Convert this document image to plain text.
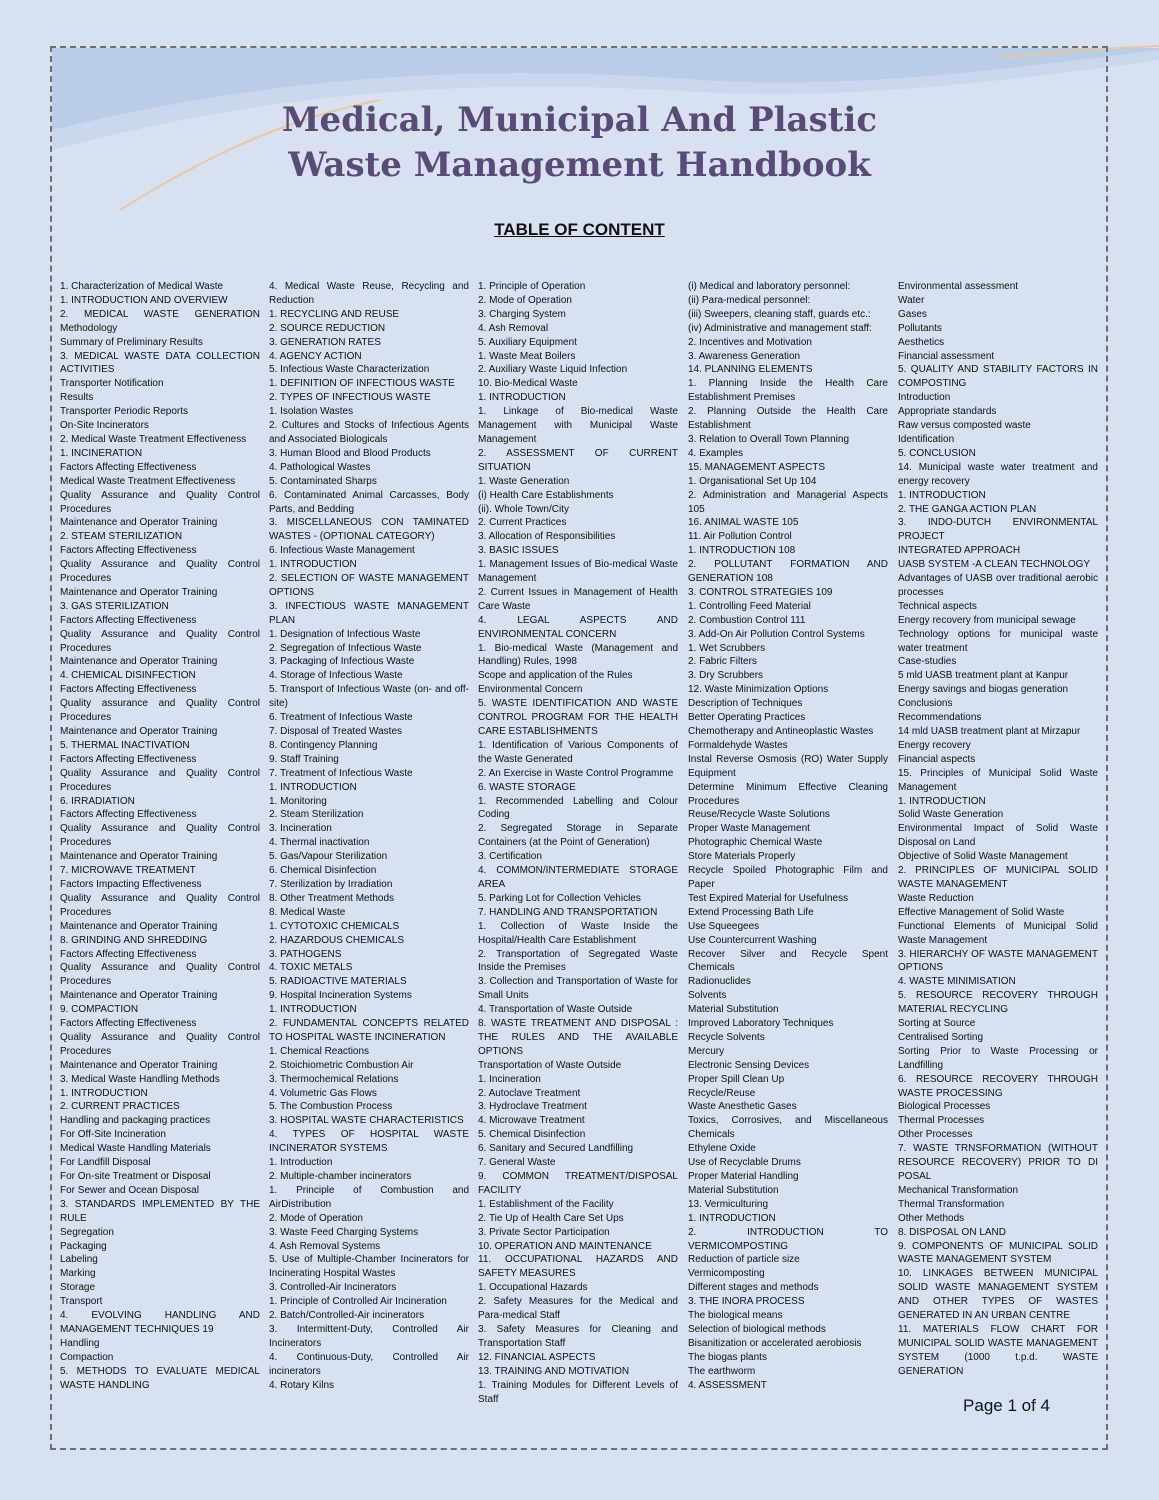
Medical, Municipal And Plastic
Waste Management Handbook
TABLE OF CONTENT
1. Characterization of Medical Waste
1. INTRODUCTION AND OVERVIEW
2. MEDICAL WASTE GENERATION Methodology
Summary of Preliminary Results
3. MEDICAL WASTE DATA COLLECTION ACTIVITIES
Transporter Notification
Results
Transporter Periodic Reports
On-Site Incinerators
2. Medical Waste Treatment Effectiveness
1. INCINERATION
Factors Affecting Effectiveness
Medical Waste Treatment Effectiveness
Quality Assurance and Quality Control Procedures
Maintenance and Operator Training
2. STEAM STERILIZATION
Factors Affecting Effectiveness
Quality Assurance and Quality Control Procedures
Maintenance and Operator Training
3. GAS STERILIZATION
Factors Affecting Effectiveness
Quality Assurance and Quality Control Procedures
Maintenance and Operator Training
4. CHEMICAL DISINFECTION
Factors Affecting Effectiveness
Quality assurance and Quality Control Procedures
Maintenance and Operator Training
5. THERMAL INACTIVATION
Factors Affecting Effectiveness
Quality Assurance and Quality Control Procedures
6. IRRADIATION
Factors Affecting Effectiveness
Quality Assurance and Quality Control Procedures
Maintenance and Operator Training
7. MICROWAVE TREATMENT
Factors Impacting Effectiveness
Quality Assurance and Quality Control Procedures
Maintenance and Operator Training
8. GRINDING AND SHREDDING
Factors Affecting Effectiveness
Quality Assurance and Quality Control Procedures
Maintenance and Operator Training
9. COMPACTION
Factors Affecting Effectiveness
Quality Assurance and Quality Control Procedures
Maintenance and Operator Training
3. Medical Waste Handling Methods
1. INTRODUCTION
2. CURRENT PRACTICES
Handling and packaging practices
For Off-Site Incineration
Medical Waste Handling Materials
For Landfill Disposal
For On-site Treatment or Disposal
For Sewer and Ocean Disposal
3. STANDARDS IMPLEMENTED BY THE RULE
Segregation
Packaging
Labeling
Marking
Storage
Transport
4. EVOLVING HANDLING AND MANAGEMENT TECHNIQUES 19
Handling
Compaction
5. METHODS TO EVALUATE MEDICAL WASTE HANDLING
4. Medical Waste Reuse, Recycling and Reduction
1. RECYCLING AND REUSE
2. SOURCE REDUCTION
3. GENERATION RATES
4. AGENCY ACTION
5. Infectious Waste Characterization
1. DEFINITION OF INFECTIOUS WASTE
2. TYPES OF INFECTIOUS WASTE
1. Isolation Wastes
2. Cultures and Stocks of Infectious Agents and Associated Biologicals
3. Human Blood and Blood Products
4. Pathological Wastes
5. Contaminated Sharps
6. Contaminated Animal Carcasses, Body Parts, and Bedding
3. MISCELLANEOUS CON TAMINATED WASTES - (OPTIONAL CATEGORY)
6. Infectious Waste Management
1. INTRODUCTION
2. SELECTION OF WASTE MANAGEMENT OPTIONS
3. INFECTIOUS WASTE MANAGEMENT PLAN
1. Designation of Infectious Waste
2. Segregation of Infectious Waste
3. Packaging of Infectious Waste
4. Storage of Infectious Waste
5. Transport of Infectious Waste (on- and off-site)
6. Treatment of Infectious Waste
7. Disposal of Treated Wastes
8. Contingency Planning
9. Staff Training
7. Treatment of Infectious Waste
1. INTRODUCTION
1. Monitoring
2. Steam Sterilization
3. Incineration
4. Thermal inactivation
5. Gas/Vapour Sterilization
6. Chemical Disinfection
7. Sterilization by Irradiation
8. Other Treatment Methods
8. Medical Waste
1. CYTOTOXIC CHEMICALS
2. HAZARDOUS CHEMICALS
3. PATHOGENS
4. TOXIC METALS
5. RADIOACTIVE MATERIALS
9. Hospital Incineration Systems
1. INTRODUCTION
2. FUNDAMENTAL CONCEPTS RELATED TO HOSPITAL WASTE INCINERATION
1. Chemical Reactions
2. Stoichiometric Combustion Air
3. Thermochemical Relations
4. Volumetric Gas Flows
5. The Combustion Process
3. HOSPITAL WASTE CHARACTERISTICS
4. TYPES OF HOSPITAL WASTE INCINERATOR SYSTEMS
1. Introduction
2. Multiple-chamber incinerators
1. Principle of Combustion and AirDistribution
2. Mode of Operation
3. Waste Feed Charging Systems
4. Ash Removal Systems
5. Use of Multiple-Chamber Incinerators for Incinerating Hospital Wastes
3. Controlled-Air Incinerators
1. Principle of Controlled Air Incineration
2. Batch/Controlled-Air incinerators
3. Intermittent-Duty, Controlled Air Incinerators
4. Continuous-Duty, Controlled Air incinerators
4. Rotary Kilns
1. Principle of Operation
2. Mode of Operation
3. Charging System
4. Ash Removal
5. Auxiliary Equipment
1. Waste Meat Boilers
2. Auxiliary Waste Liquid Infection
10. Bio-Medical Waste
1. INTRODUCTION
1. Linkage of Bio-medical Waste Management with Municipal Waste Management
2. ASSESSMENT OF CURRENT SITUATION
1. Waste Generation
(i) Health Care Establishments
(ii). Whole Town/City
2. Current Practices
3. Allocation of Responsibilities
3. BASIC ISSUES
1. Management Issues of Bio-medical Waste Management
2. Current Issues in Management of Health Care Waste
4. LEGAL ASPECTS AND ENVIRONMENTAL CONCERN
1. Bio-medical Waste (Management and Handling) Rules, 1998
Scope and application of the Rules
Environmental Concern
5. WASTE IDENTIFICATION AND WASTE CONTROL PROGRAM FOR THE HEALTH CARE ESTABLISHMENTS
1. Identification of Various Components of the Waste Generated
2. An Exercise in Waste Control Programme
6. WASTE STORAGE
1. Recommended Labelling and Colour Coding
2. Segregated Storage in Separate Containers (at the Point of Generation)
3. Certification
4. COMMON/INTERMEDIATE STORAGE AREA
5. Parking Lot for Collection Vehicles
7. HANDLING AND TRANSPORTATION
1. Collection of Waste Inside the Hospital/Health Care Establishment
2. Transportation of Segregated Waste Inside the Premises
3. Collection and Transportation of Waste for Small Units
4. Transportation of Waste Outside
8. WASTE TREATMENT AND DISPOSAL : THE RULES AND THE AVAILABLE OPTIONS
Transportation of Waste Outside
1. Incineration
2. Autoclave Treatment
3. Hydroclave Treatment
4. Microwave Treatment
5. Chemical Disinfection
6. Sanitary and Secured Landfilling
7. General Waste
9. COMMON TREATMENT/DISPOSAL FACILITY
1. Establishment of the Facility
2. Tie Up of Health Care Set Ups
3. Private Sector Participation
10. OPERATION AND MAINTENANCE
11. OCCUPATIONAL HAZARDS AND SAFETY MEASURES
1. Occupational Hazards
2. Safety Measures for the Medical and Para-medical Staff
3. Safety Measures for Cleaning and Transportation Staff
12. FINANCIAL ASPECTS
13. TRAINING AND MOTIVATION
1. Training Modules for Different Levels of Staff
(i) Medical and laboratory personnel:
(ii) Para-medical personnel:
(iii) Sweepers, cleaning staff, guards etc.:
(iv) Administrative and management staff:
2. Incentives and Motivation
3. Awareness Generation
14. PLANNING ELEMENTS
1. Planning Inside the Health Care Establishment Premises
2. Planning Outside the Health Care Establishment
3. Relation to Overall Town Planning
4. Examples
15. MANAGEMENT ASPECTS
1. Organisational Set Up 104
2. Administration and Managerial Aspects 105
16. ANIMAL WASTE 105
11. Air Pollution Control
1. INTRODUCTION 108
2. POLLUTANT FORMATION AND GENERATION 108
3. CONTROL STRATEGIES 109
1. Controlling Feed Material
2. Combustion Control 111
3. Add-On Air Pollution Control Systems
1. Wet Scrubbers
2. Fabric Filters
3. Dry Scrubbers
12. Waste Minimization Options
Description of Techniques
Better Operating Practices
Chemotherapy and Antineoplastic Wastes
Formaldehyde Wastes
Instal Reverse Osmosis (RO) Water Supply Equipment
Determine Minimum Effective Cleaning Procedures
Reuse/Recycle Waste Solutions
Proper Waste Management
Photographic Chemical Waste
Store Materials Properly
Recycle Spoiled Photographic Film and Paper
Test Expired Material for Usefulness
Extend Processing Bath Life
Use Squeegees
Use Countercurrent Washing
Recover Silver and Recycle Spent Chemicals
Radionuclides
Solvents
Material Substitution
Improved Laboratory Techniques
Recycle Solvents
Mercury
Electronic Sensing Devices
Proper Spill Clean Up
Recycle/Reuse
Waste Anesthetic Gases
Toxics, Corrosives, and Miscellaneous Chemicals
Ethylene Oxide
Use of Recyclable Drums
Proper Material Handling
Material Substitution
13. Vermiculturing
1. INTRODUCTION
2. INTRODUCTION TO VERMICOMPOSTING
Reduction of particle size
Vermicomposting
Different stages and methods
3. THE INORA PROCESS
The biological means
Selection of biological methods
Bisanitization or accelerated aerobiosis
The biogas plants
The earthworm
4. ASSESSMENT
Environmental assessment
Water
Gases
Pollutants
Aesthetics
Financial assessment
5. QUALITY AND STABILITY FACTORS IN COMPOSTING
Introduction
Appropriate standards
Raw versus composted waste
Identification
5. CONCLUSION
14. Municipal waste water treatment and energy recovery
1. INTRODUCTION
2. THE GANGA ACTION PLAN
3. INDO-DUTCH ENVIRONMENTAL PROJECT
INTEGRATED APPROACH
UASB SYSTEM -A CLEAN TECHNOLOGY
Advantages of UASB over traditional aerobic processes
Technical aspects
Energy recovery from municipal sewage
Technology options for municipal waste water treatment
Case-studies
5 mld UASB treatment plant at Kanpur
Energy savings and biogas generation
Conclusions
Recommendations
14 mld UASB treatment plant at Mirzapur
Energy recovery
Financial aspects
15. Principles of Municipal Solid Waste Management
1. INTRODUCTION
Solid Waste Generation
Environmental Impact of Solid Waste Disposal on Land
Objective of Solid Waste Management
2. PRINCIPLES OF MUNICIPAL SOLID WASTE MANAGEMENT
Waste Reduction
Effective Management of Solid Waste
Functional Elements of Municipal Solid Waste Management
3. HIERARCHY OF WASTE MANAGEMENT OPTIONS
4. WASTE MINIMISATION
5. RESOURCE RECOVERY THROUGH MATERIAL RECYCLING
Sorting at Source
Centralised Sorting
Sorting Prior to Waste Processing or Landfilling
6. RESOURCE RECOVERY THROUGH WASTE PROCESSING
Biological Processes
Thermal Processes
Other Processes
7. WASTE TRNSFORMATION (WITHOUT RESOURCE RECOVERY) PRIOR TO DI POSAL
Mechanical Transformation
Thermal Transformation
Other Methods
8. DISPOSAL ON LAND
9. COMPONENTS OF MUNICIPAL SOLID WASTE MANAGEMENT SYSTEM
10. LINKAGES BETWEEN MUNICIPAL SOLID WASTE MANAGEMENT SYSTEM AND OTHER TYPES OF WASTES GENERATED IN AN URBAN CENTRE
11. MATERIALS FLOW CHART FOR MUNICIPAL SOLID WASTE MANAGEMENT SYSTEM (1000 t.p.d. WASTE GENERATION
Page 1 of 4
